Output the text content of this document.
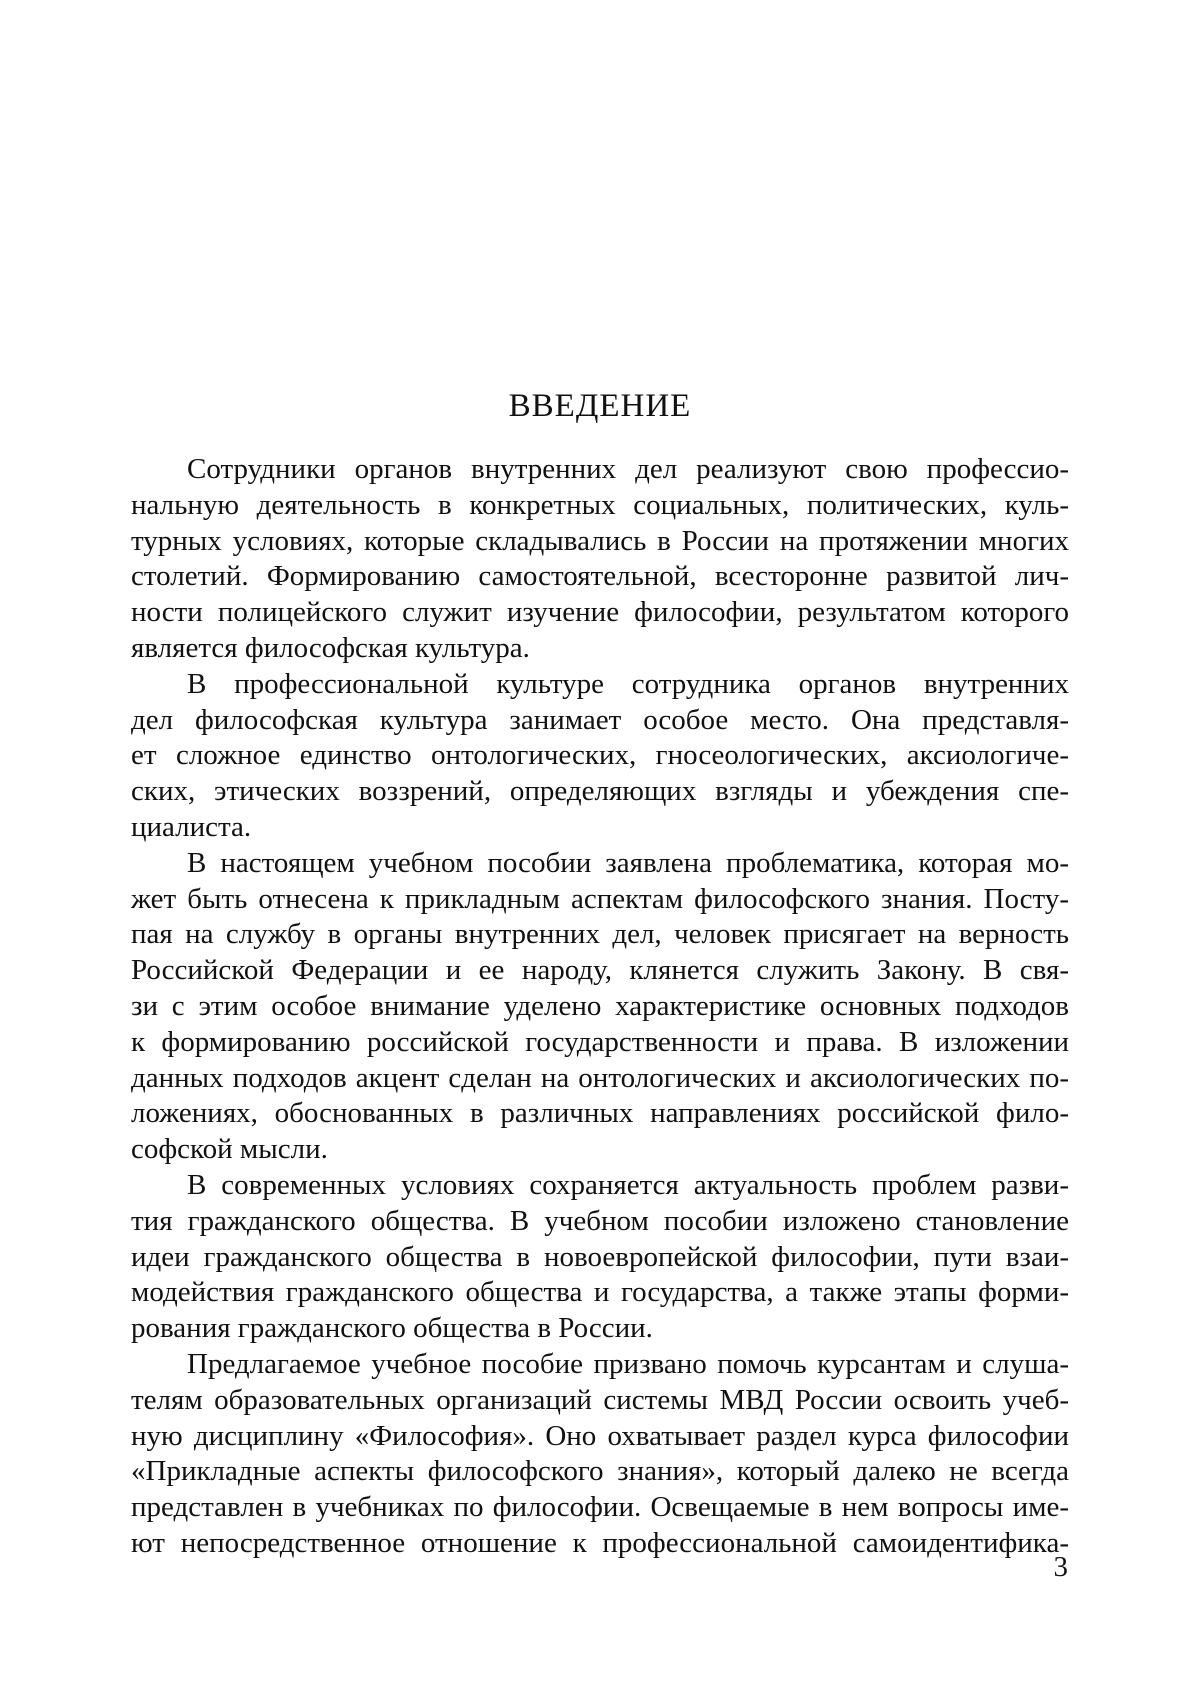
ВВЕДЕНИЕ
Сотрудники органов внутренних дел реализуют свою профессио-
нальную деятельность в конкретных социальных, политических, куль-
турных условиях, которые складывались в России на протяжении многих
столетий. Формированию самостоятельной, всесторонне развитой лич-
ности полицейского служит изучение философии, результатом которого
является философская культура.
В профессиональной культуре сотрудника органов внутренних
дел философская культура занимает особое место. Она представля-
ет сложное единство онтологических, гносеологических, аксиологиче-
ских, этических воззрений, определяющих взгляды и убеждения спе-
циалиста.
В настоящем учебном пособии заявлена проблематика, которая мо-
жет быть отнесена к прикладным аспектам философского знания. Посту-
пая на службу в органы внутренних дел, человек присягает на верность
Российской Федерации и ее народу, клянется служить Закону. В свя-
зи с этим особое внимание уделено характеристике основных подходов
к формированию российской государственности и права. В изложении
данных подходов акцент сделан на онтологических и аксиологических по-
ложениях, обоснованных в различных направлениях российской фило-
софской мысли.
В современных условиях сохраняется актуальность проблем разви-
тия гражданского общества. В учебном пособии изложено становление
идеи гражданского общества в новоевропейской философии, пути взаи-
модействия гражданского общества и государства, а также этапы форми-
рования гражданского общества в России.
Предлагаемое учебное пособие призвано помочь курсантам и слуша-
телям образовательных организаций системы МВД России освоить учеб-
ную дисциплину «Философия». Оно охватывает раздел курса философии
«Прикладные аспекты философского знания», который далеко не всегда
представлен в учебниках по философии. Освещаемые в нем вопросы име-
ют непосредственное отношение к профессиональной самоидентифика-
3
